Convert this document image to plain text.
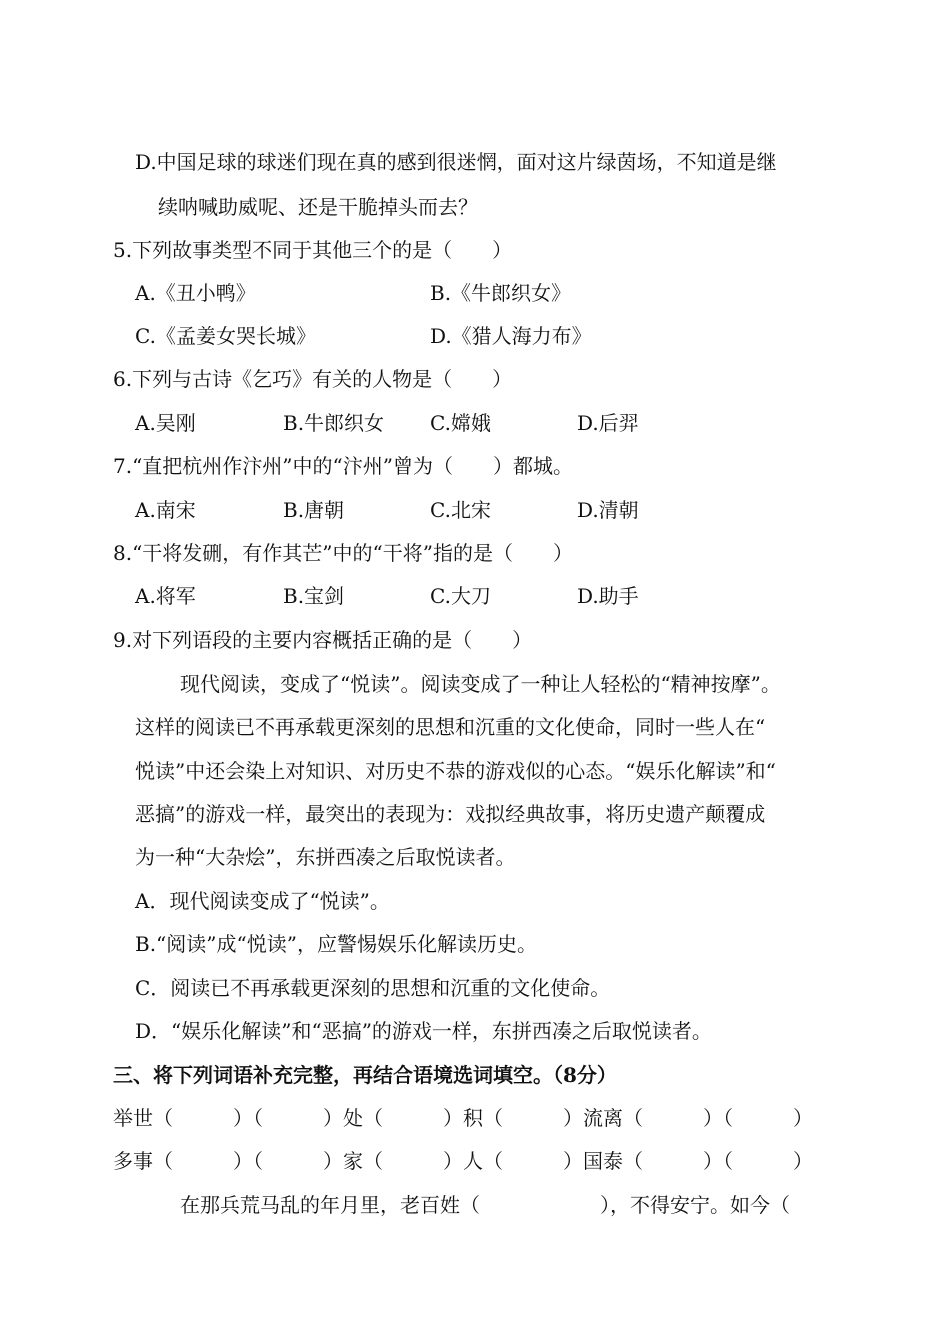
D.中国足球的球迷们现在真的感到很迷惘，面对这片绿茵场，不知道是继
续呐喊助威呢、还是干脆掉头而去？
5.下列故事类型不同于其他三个的是（　　）
A.《丑小鸭》	B.《牛郎织女》
C.《孟姜女哭长城》	D.《猎人海力布》
6.下列与古诗《乞巧》有关的人物是（　　）
A.吴刚	B.牛郎织女 C.嫦娥	D.后羿
7.“直把杭州作汴州”中的“汴州”曾为（　　）都城。
A.南宋	B.唐朝	C.北宋	D.清朝
8.“干将发硎，有作其芒”中的“干将”指的是（　　）
A.将军	B.宝剑	C.大刀	D.助手
9.对下列语段的主要内容概括正确的是（　　）
现代阅读，变成了“悦读”。阅读变成了一种让人轻松的“精神按摩”。
这样的阅读已不再承载更深刻的思想和沉重的文化使命，同时一些人在“
悦读”中还会染上对知识、对历史不恭的游戏似的心态。“娱乐化解读”和“
恶搞”的游戏一样，最突出的表现为：戏拟经典故事，将历史遗产颠覆成
为一种“大杂烩”，东拼西凑之后取悦读者。
A．现代阅读变成了“悦读”。
B.“阅读”成“悦读”，应警惕娱乐化解读历史。
C．阅读已不再承载更深刻的思想和沉重的文化使命。
D．“娱乐化解读”和“恶搞”的游戏一样，东拼西凑之后取悦读者。
三、将下列词语补充完整，再结合语境选词填空。（8分）
举世（　　　）（　　　）处（　　　）积（　　　）流离（　　　）（　　　）
多事（　　　）（　　　）家（　　　）人（　　　）国泰（　　　）（　　　）
在那兵荒马乱的年月里，老百姓（　　　　　　），不得安宁。如今（
